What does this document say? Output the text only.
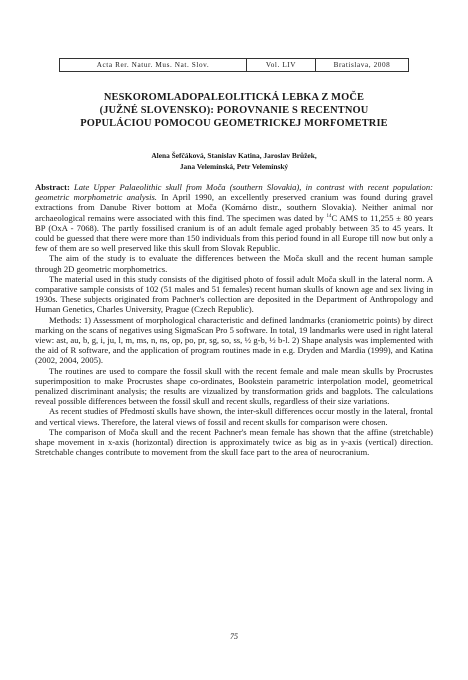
Acta Rer. Natur. Mus. Nat. Slov.	Vol. LIV	Bratislava, 2008
NESKOROMLADOPALEOLITICKÁ LEBKA Z MOČE
(JUŽNÉ SLOVENSKO): POROVNANIE S RECENTNOU
POPULÁCIOU POMOCOU GEOMETRICKEJ MORFOMETRIE
Alena Šefčáková, Stanislav Katina, Jaroslav Brůžek,
Jana Velemínská, Petr Velemínský

Abstract: Late Upper Palaeolithic skull from Moča (southern Slovakia), in contrast with recent population: geometric morphometric analysis. In April 1990, an excellently preserved cranium was found during gravel extractions from Danube River bottom at Moča (Komárno distr., southern Slovakia). Neither animal nor archaeological remains were associated with this find. The specimen was dated by $^{14}$C AMS to 11,255 ± 80 years BP (OxA - 7068). The partly fossilised cranium is of an adult female aged probably between 35 to 45 years. It could be guessed that there were more than 150 individuals from this period found in all Europe till now but only a few of them are so well preserved like this skull from Slovak Republic.

The aim of the study is to evaluate the differences between the Moča skull and the recent human sample through 2D geometric morphometrics.

The material used in this study consists of the digitised photo of fossil adult Moča skull in the lateral norm. A comparative sample consists of 102 (51 males and 51 females) recent human skulls of known age and sex living in 1930s. These subjects originated from Pachner's collection are deposited in the Department of Anthropology and Human Genetics, Charles University, Prague (Czech Republic).

Methods: 1) Assessment of morphological characteristic and defined landmarks (craniometric points) by direct marking on the scans of negatives using SigmaScan Pro 5 software. In total, 19 landmarks were used in right lateral view: ast, au, b, g, i, ju, l, m, ms, n, ns, op, po, pr, sg, so, ss, ½ g-b, ½ b-l. 2) Shape analysis was implemented with the aid of R software, and the application of program routines made in e.g. Dryden and Mardia (1999), and Katina (2002, 2004, 2005).

The routines are used to compare the fossil skull with the recent female and male mean skulls by Procrustes superimposition to make Procrustes shape co-ordinates, Bookstein parametric interpolation model, geometrical penalized discriminant analysis; the results are vizualized by transformation grids and bagplots. The calculations reveal possible differences between the fossil skull and recent skulls, regardless of their size variations.

As recent studies of Předmostí skulls have shown, the inter-skull differences occur mostly in the lateral, frontal and vertical views. Therefore, the lateral views of fossil and recent skulls for comparison were chosen.

The comparison of Moča skull and the recent Pachner's mean female has shown that the affine (stretchable) shape movement in x-axis (horizontal) direction is approximately twice as big as in y-axis (vertical) direction. Stretchable changes contribute to movement from the skull face part to the area of neurocranium.

75
